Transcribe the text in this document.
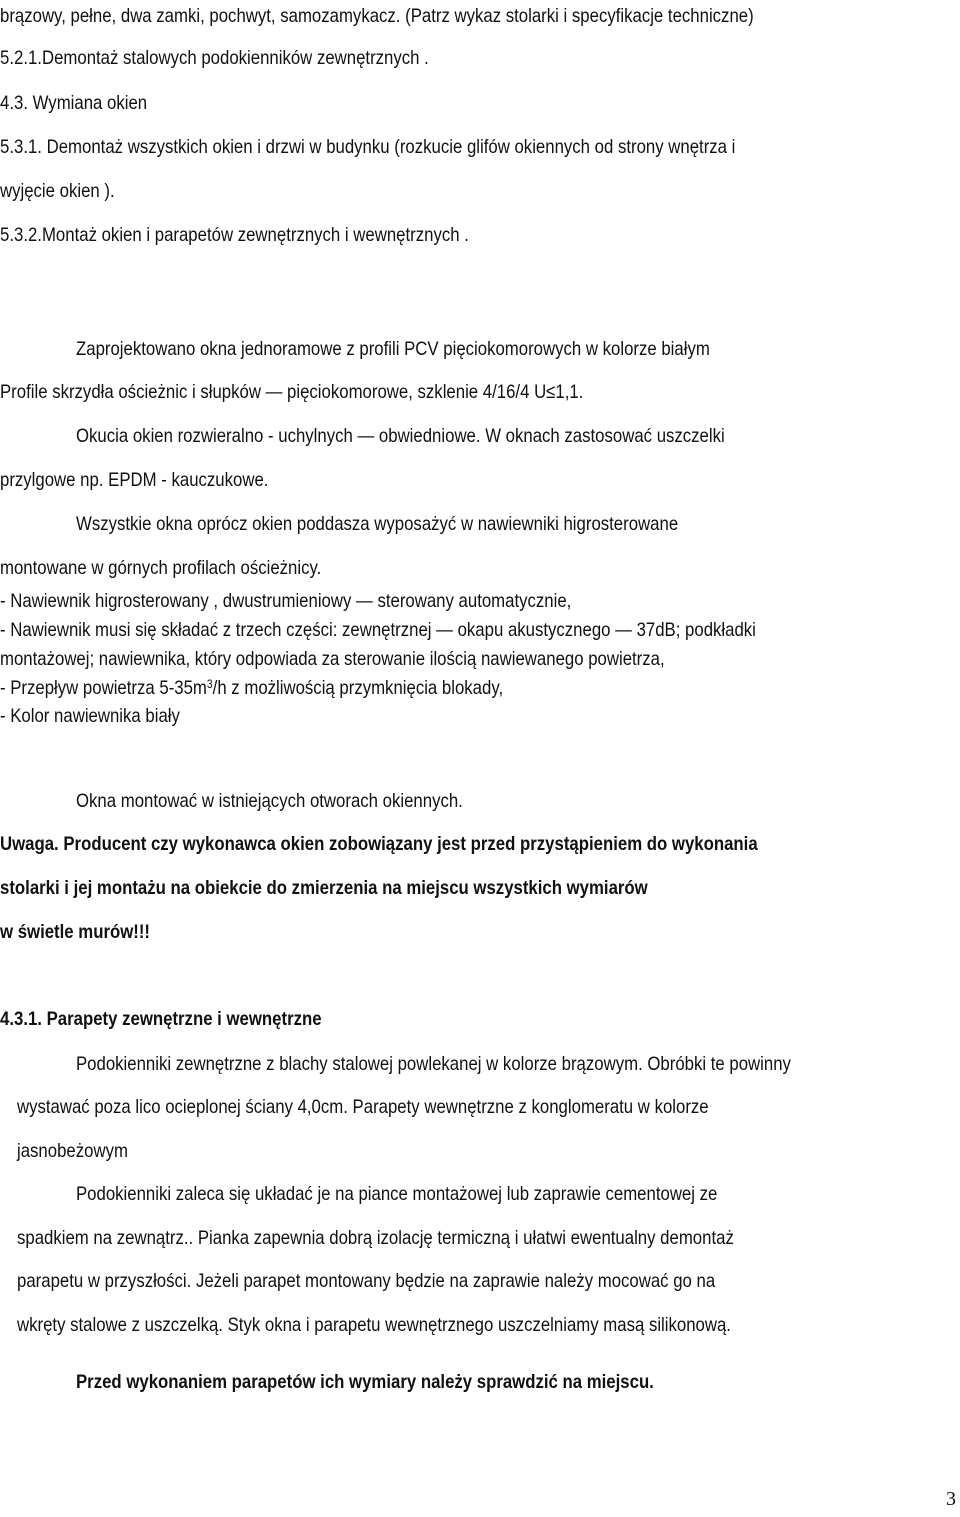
brązowy, pełne, dwa zamki, pochwyt, samozamykacz. (Patrz wykaz stolarki i specyfikacje techniczne)
5.2.1.Demontaż stalowych podokienników zewnętrznych .
4.3. Wymiana okien
5.3.1. Demontaż wszystkich okien i drzwi w budynku (rozkucie glifów okiennych od strony wnętrza i
wyjęcie okien ).
5.3.2.Montaż okien i parapetów zewnętrznych i wewnętrznych .
Zaprojektowano okna jednoramowe z profili PCV pięciokomorowych w kolorze białym
Profile skrzydła ościeżnic i słupków — pięciokomorowe, szklenie 4/16/4 U≤1,1.
Okucia okien rozwieralno - uchylnych — obwiedniowe. W oknach zastosować uszczelki
przylgowe np. EPDM - kauczukowe.
Wszystkie okna oprócz okien poddasza wyposażyć w nawiewniki higrosterowane
montowane w górnych profilach ościeżnicy.
- Nawiewnik higrosterowany , dwustrumieniowy — sterowany automatycznie,
- Nawiewnik musi się składać z trzech części: zewnętrznej — okapu akustycznego — 37dB; podkładki
montażowej; nawiewnika, który odpowiada za sterowanie ilością nawiewanego powietrza,
- Przepływ powietrza $5-35m^3/h$ z możliwością przymknięcia blokady,
- Kolor nawiewnika biały
Okna montować w istniejących otworach okiennych.
Uwaga. Producent czy wykonawca okien zobowiązany jest przed przystąpieniem do wykonania
stolarki i jej montażu na obiekcie do zmierzenia na miejscu wszystkich wymiarów
w świetle murów!!!
4.3.1. Parapety zewnętrzne i wewnętrzne
Podokienniki zewnętrzne z blachy stalowej powlekanej w kolorze brązowym. Obróbki te powinny
wystawać poza lico ocieplonej ściany 4,0cm. Parapety wewnętrzne z konglomeratu w kolorze
jasnobeżowym
Podokienniki zaleca się układać je na piance montażowej lub zaprawie cementowej ze
spadkiem na zewnątrz.. Pianka zapewnia dobrą izolację termiczną i ułatwi ewentualny demontaż
parapetu w przyszłości. Jeżeli parapet montowany będzie na zaprawie należy mocować go na
wkręty stalowe z uszczelką. Styk okna i parapetu wewnętrznego uszczelniamy masą silikonową.
Przed wykonaniem parapetów ich wymiary należy sprawdzić na miejscu.
3
